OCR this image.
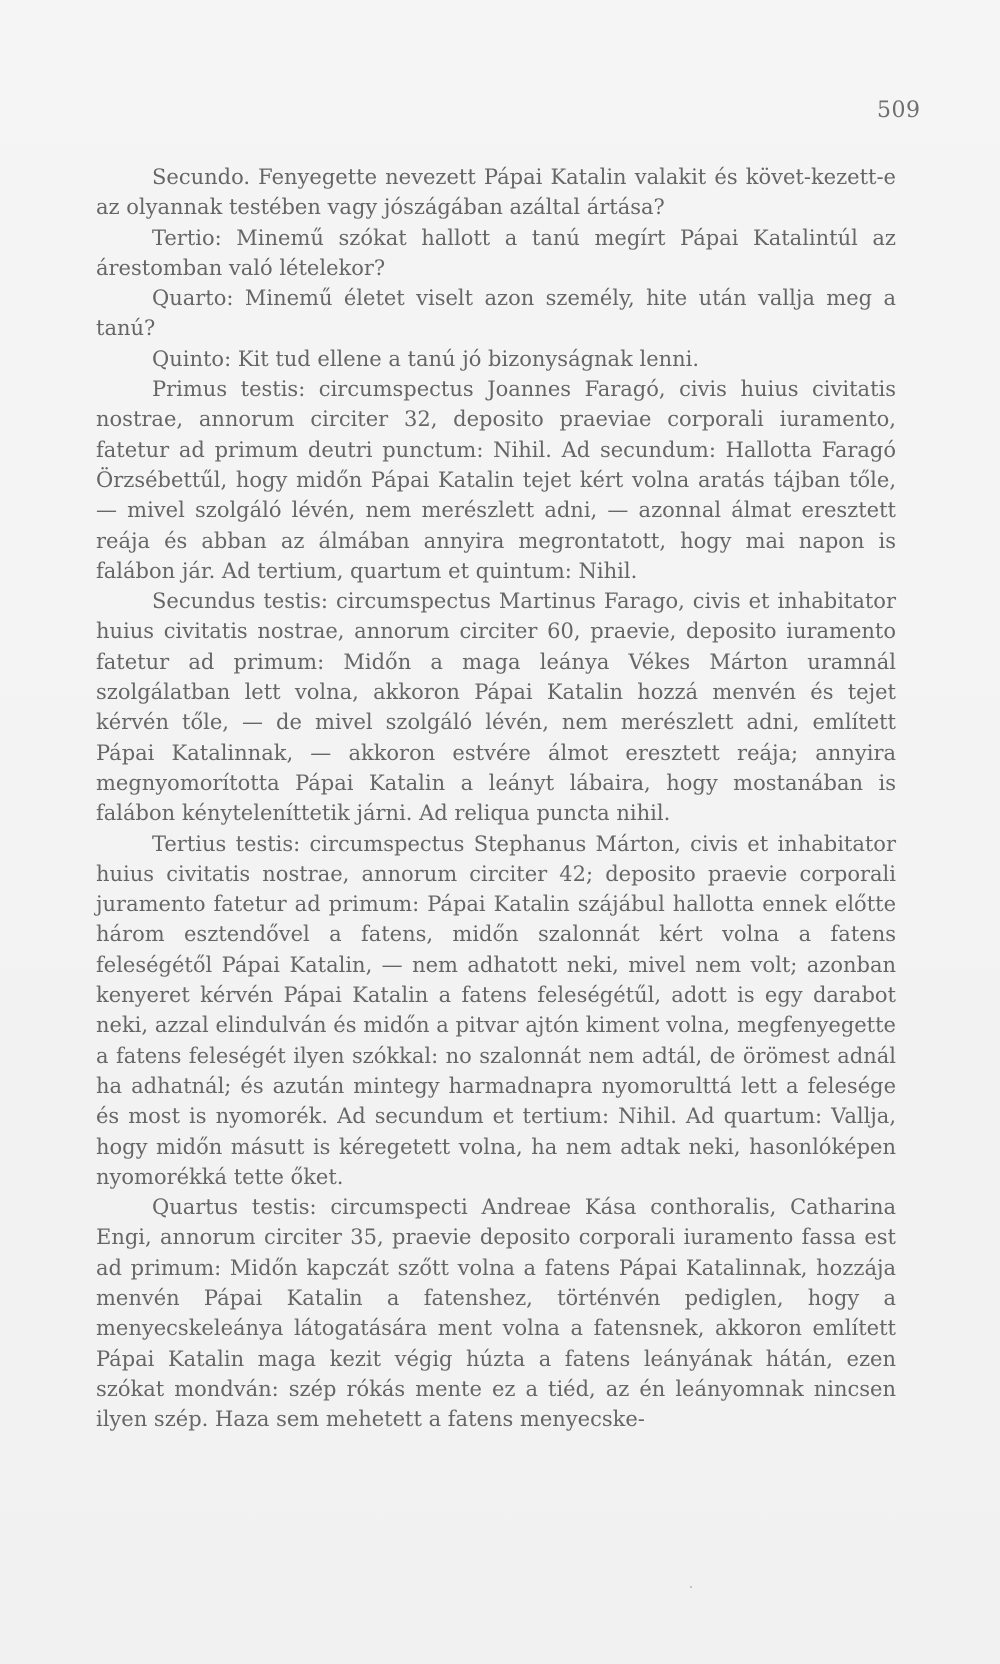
509

Secundo. Fenyegette nevezett Pápai Katalin valakit és követ-kezett-e az olyannak testében vagy jószágában azáltal ártása?

Tertio: Minemű szókat hallott a tanú megírt Pápai Katalintúl az árestomban való lételekor?

Quarto: Minemű életet viselt azon személy, hite után vallja meg a tanú?

Quinto: Kit tud ellene a tanú jó bizonyságnak lenni.

Primus testis: circumspectus Joannes Faragó, civis huius civitatis nostrae, annorum circiter 32, deposito praeviae corporali iuramento, fatetur ad primum deutri punctum: Nihil. Ad secundum: Hallotta Faragó Örzsébettűl, hogy midőn Pápai Katalin tejet kért volna aratás tájban tőle, — mivel szolgáló lévén, nem merészlett adni, — azonnal álmat eresztett reája és abban az álmában annyira megrontatott, hogy mai napon is falábon jár. Ad tertium, quartum et quintum: Nihil.

Secundus testis: circumspectus Martinus Farago, civis et inhabitator huius civitatis nostrae, annorum circiter 60, praevie, deposito iuramento fatetur ad primum: Midőn a maga leánya Vékes Márton uramnál szolgálatban lett volna, akkoron Pápai Katalin hozzá menvén és tejet kérvén tőle, — de mivel szolgáló lévén, nem merészlett adni, említett Pápai Katalinnak, — akkoron estvére álmot eresztett reája; annyira megnyomorította Pápai Katalin a leányt lábaira, hogy mostanában is falábon kényteleníttetik járni. Ad reliqua puncta nihil.

Tertius testis: circumspectus Stephanus Márton, civis et inhabitator huius civitatis nostrae, annorum circiter 42; deposito praevie corporali juramento fatetur ad primum: Pápai Katalin szájábul hallotta ennek előtte három esztendővel a fatens, midőn szalonnát kért volna a fatens feleségétől Pápai Katalin, — nem adhatott neki, mivel nem volt; azonban kenyeret kérvén Pápai Katalin a fatens feleségétűl, adott is egy darabot neki, azzal elindulván és midőn a pitvar ajtón kiment volna, megfenyegette a fatens feleségét ilyen szókkal: no szalonnát nem adtál, de örömest adnál ha adhatnál; és azután mintegy harmadnapra nyomorulttá lett a felesége és most is nyomorék. Ad secundum et tertium: Nihil. Ad quartum: Vallja, hogy midőn másutt is kéregetett volna, ha nem adtak neki, hasonlóképen nyomorékká tette őket.

Quartus testis: circumspecti Andreae Kása conthoralis, Catharina Engi, annorum circiter 35, praevie deposito corporali iuramento fassa est ad primum: Midőn kapczát szőtt volna a fatens Pápai Katalinnak, hozzája menvén Pápai Katalin a fatenshez, történvén pediglen, hogy a menyecskeleánya látogatására ment volna a fatensnek, akkoron említett Pápai Katalin maga kezit végig húzta a fatens leányának hátán, ezen szókat mondván: szép rókás mente ez a tiéd, az én leányomnak nincsen ilyen szép. Haza sem mehetett a fatens menyecske-
